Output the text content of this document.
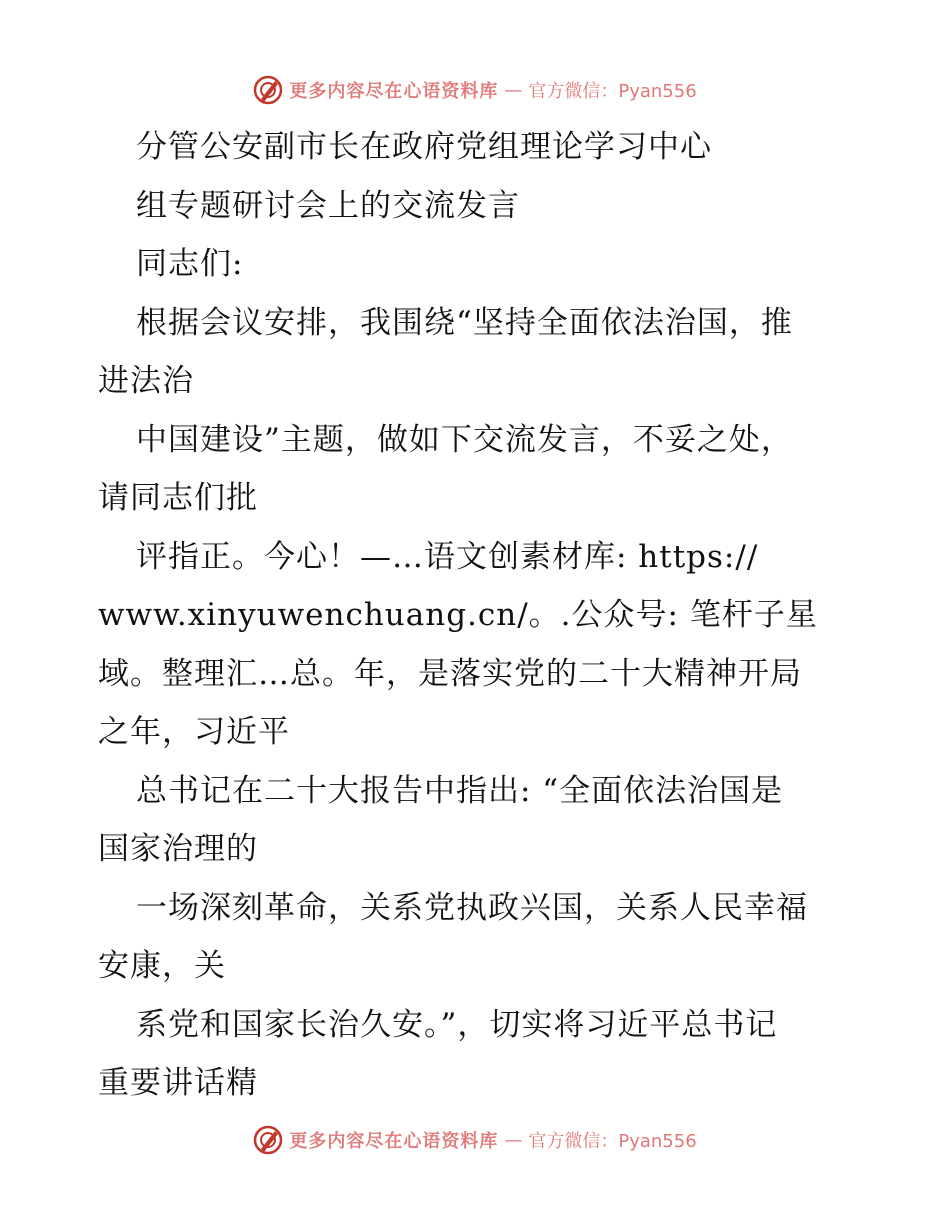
更多内容尽在心语资料库 — 官方微信：Pyan556
分管公安副市长在政府党组理论学习中心
组专题研讨会上的交流发言
同志们:
根据会议安排，我围绕“坚持全面依法治国，推
进法治
中国建设”主题，做如下交流发言，不妥之处，
请同志们批
评指正。今心！—…语文创素材库: https://
www.xinyuwenchuang.cn/。.公众号: 笔杆子星
域。整理汇…总。年，是落实党的二十大精神开局
之年，习近平
总书记在二十大报告中指出: “全面依法治国是
国家治理的
一场深刻革命，关系党执政兴国，关系人民幸福
安康，关
系党和国家长治久安。”，切实将习近平总书记
重要讲话精
更多内容尽在心语资料库 — 官方微信：Pyan556
